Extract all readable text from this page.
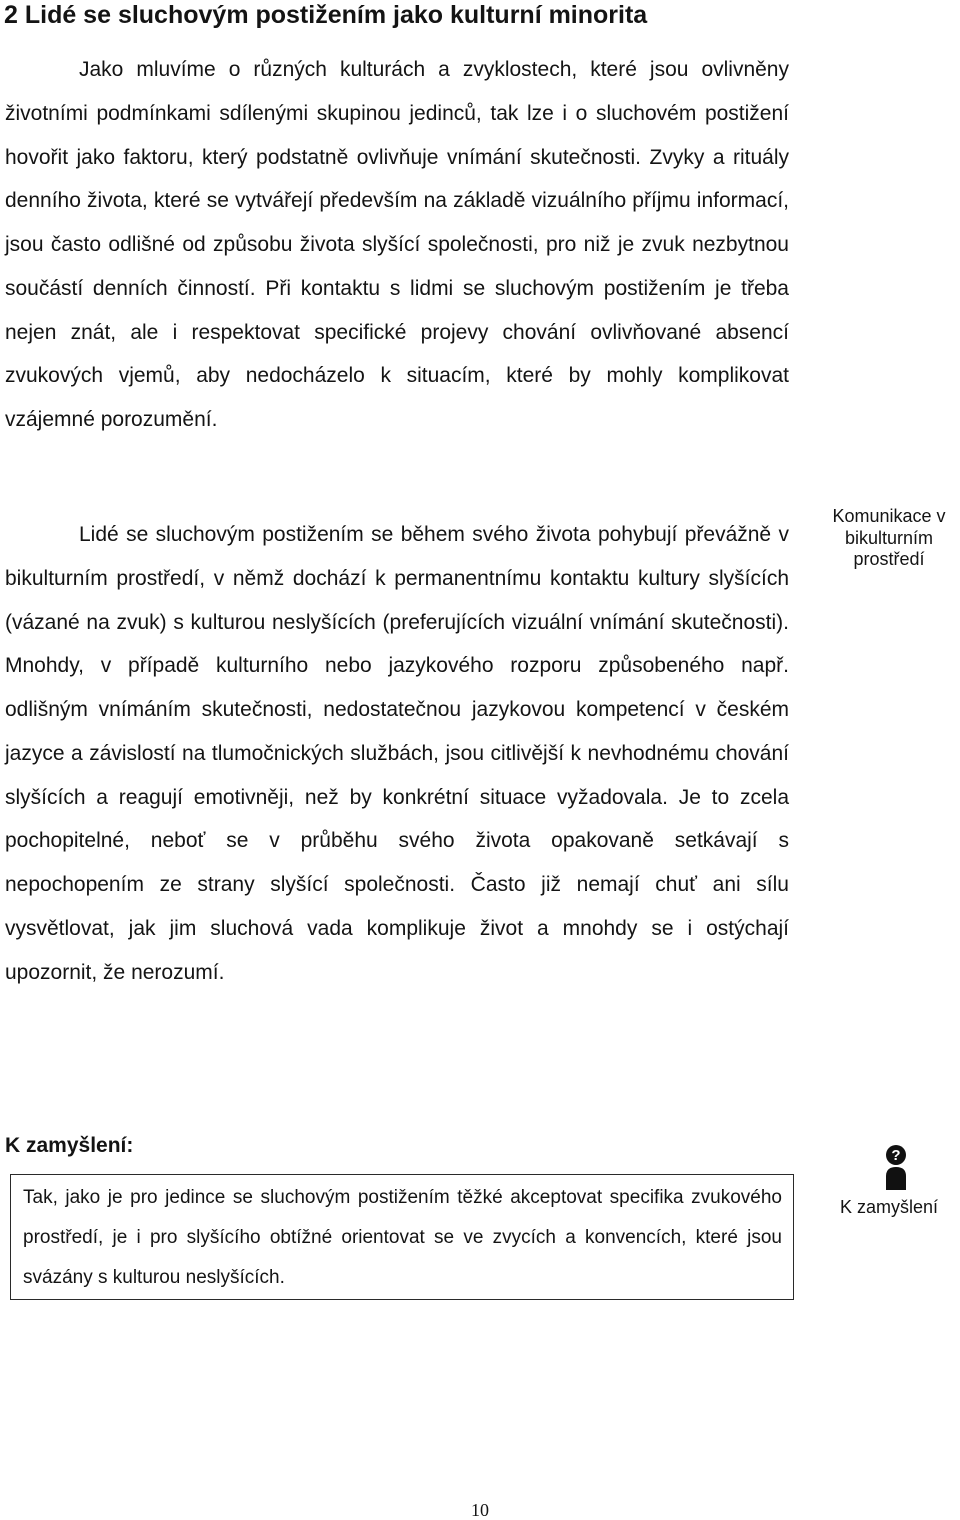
2 Lidé se sluchovým postižením jako kulturní minorita

Jako mluvíme o různých kulturách a zvyklostech, které jsou ovlivněny životními podmínkami sdílenými skupinou jedinců, tak lze i o sluchovém postižení hovořit jako faktoru, který podstatně ovlivňuje vnímání skutečnosti. Zvyky a rituály denního života, které se vytvářejí především na základě vizuálního příjmu informací, jsou často odlišné od způsobu života slyšící společnosti, pro niž je zvuk nezbytnou součástí denních činností. Při kontaktu s lidmi se sluchovým postižením je třeba nejen znát, ale i respektovat specifické projevy chování ovlivňované absencí zvukových vjemů, aby nedocházelo k situacím, které by mohly komplikovat vzájemné porozumění.

Lidé se sluchovým postižením se během svého života pohybují převážně v bikulturním prostředí, v němž dochází k permanentnímu kontaktu kultury slyšících (vázané na zvuk) s kulturou neslyšících (preferujících vizuální vnímání skutečnosti). Mnohdy, v případě kulturního nebo jazykového rozporu způsobeného např. odlišným vnímáním skutečnosti, nedostatečnou jazykovou kompetencí v českém jazyce a závislostí na tlumočnických službách, jsou citlivější k nevhodnému chování slyšících a reagují emotivněji, než by konkrétní situace vyžadovala. Je to zcela pochopitelné, neboť se v průběhu svého života opakovaně setkávají s nepochopením ze strany slyšící společnosti. Často již nemají chuť ani sílu vysvětlovat, jak jim sluchová vada komplikuje život a mnohdy se i ostýchají upozornit, že nerozumí.

Komunikace v bikulturním prostředí

K zamyšlení:

Tak, jako je pro jedince se sluchovým postižením těžké akceptovat specifika zvukového prostředí, je i pro slyšícího obtížné orientovat se ve zvycích a konvencích, které jsou svázány s kulturou neslyšících.

?

K zamyšlení

10
